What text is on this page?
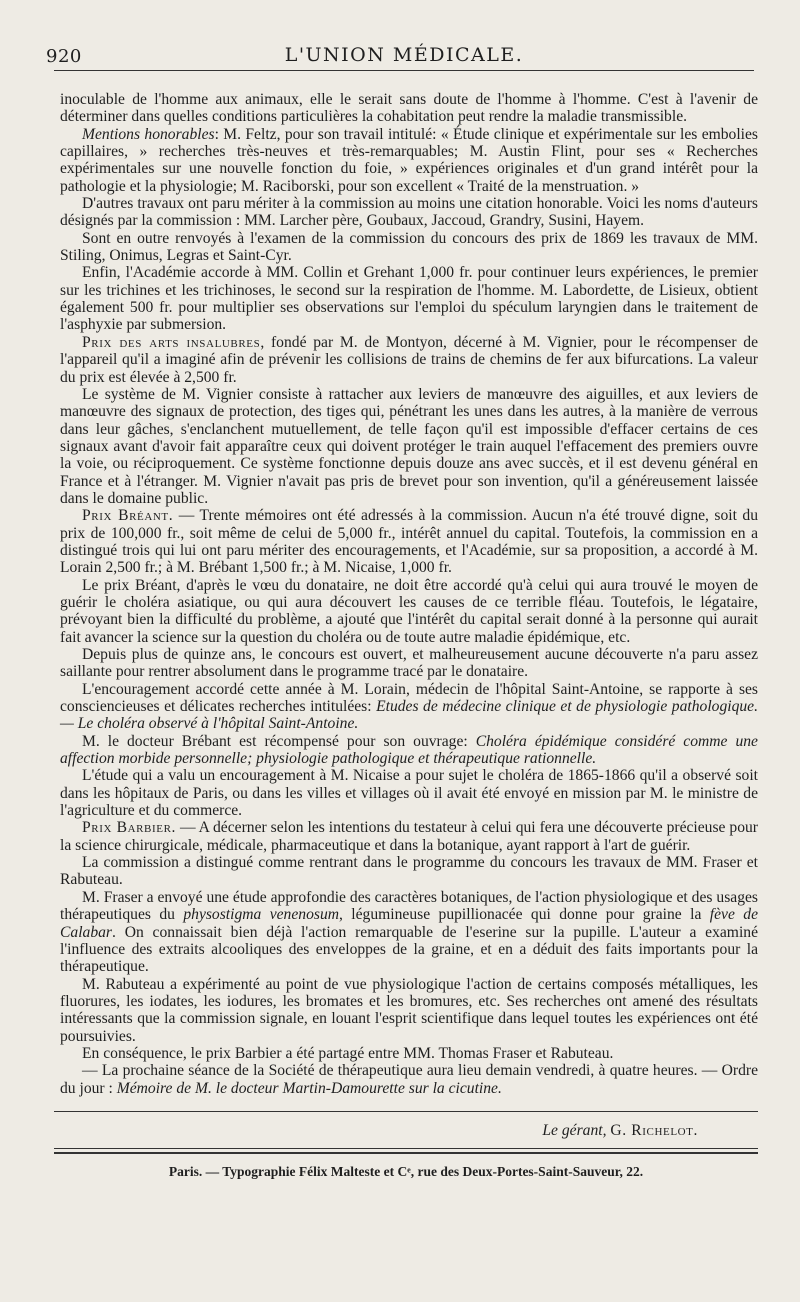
920	L'UNION MÉDICALE.

inoculable de l'homme aux animaux, elle le serait sans doute de l'homme à l'homme. C'est à l'avenir de déterminer dans quelles conditions particulières la cohabitation peut rendre la maladie transmissible.

Mentions honorables: M. Feltz, pour son travail intitulé: « Étude clinique et expérimentale sur les embolies capillaires, » recherches très-neuves et très-remarquables; M. Austin Flint, pour ses « Recherches expérimentales sur une nouvelle fonction du foie, » expériences originales et d'un grand intérêt pour la pathologie et la physiologie; M. Raciborski, pour son excellent « Traité de la menstruation. »

D'autres travaux ont paru mériter à la commission au moins une citation honorable. Voici les noms d'auteurs désignés par la commission : MM. Larcher père, Goubaux, Jaccoud, Grandry, Susini, Hayem.

Sont en outre renvoyés à l'examen de la commission du concours des prix de 1869 les travaux de MM. Stiling, Onimus, Legras et Saint-Cyr.

Enfin, l'Académie accorde à MM. Collin et Grehant 1,000 fr. pour continuer leurs expériences, le premier sur les trichines et les trichinoses, le second sur la respiration de l'homme. M. Labordette, de Lisieux, obtient également 500 fr. pour multiplier ses observations sur l'emploi du spéculum laryngien dans le traitement de l'asphyxie par submersion.

Prix des arts insalubres, fondé par M. de Montyon, décerné à M. Vignier, pour le récompenser de l'appareil qu'il a imaginé afin de prévenir les collisions de trains de chemins de fer aux bifurcations. La valeur du prix est élevée à 2,500 fr.

Le système de M. Vignier consiste à rattacher aux leviers de manœuvre des aiguilles, et aux leviers de manœuvre des signaux de protection, des tiges qui, pénétrant les unes dans les autres, à la manière de verrous dans leur gâches, s'enclanchent mutuellement, de telle façon qu'il est impossible d'effacer certains de ces signaux avant d'avoir fait apparaître ceux qui doivent protéger le train auquel l'effacement des premiers ouvre la voie, ou réciproquement. Ce système fonctionne depuis douze ans avec succès, et il est devenu général en France et à l'étranger. M. Vignier n'avait pas pris de brevet pour son invention, qu'il a généreusement laissée dans le domaine public.

Prix Bréant. — Trente mémoires ont été adressés à la commission. Aucun n'a été trouvé digne, soit du prix de 100,000 fr., soit même de celui de 5,000 fr., intérêt annuel du capital. Toutefois, la commission en a distingué trois qui lui ont paru mériter des encouragements, et l'Académie, sur sa proposition, a accordé à M. Lorain 2,500 fr.; à M. Brébant 1,500 fr.; à M. Nicaise, 1,000 fr.

Le prix Bréant, d'après le vœu du donataire, ne doit être accordé qu'à celui qui aura trouvé le moyen de guérir le choléra asiatique, ou qui aura découvert les causes de ce terrible fléau. Toutefois, le légataire, prévoyant bien la difficulté du problème, a ajouté que l'intérêt du capital serait donné à la personne qui aurait fait avancer la science sur la question du choléra ou de toute autre maladie épidémique, etc.

Depuis plus de quinze ans, le concours est ouvert, et malheureusement aucune découverte n'a paru assez saillante pour rentrer absolument dans le programme tracé par le donataire.

L'encouragement accordé cette année à M. Lorain, médecin de l'hôpital Saint-Antoine, se rapporte à ses consciencieuses et délicates recherches intitulées: Etudes de médecine clinique et de physiologie pathologique. — Le choléra observé à l'hôpital Saint-Antoine.

M. le docteur Brébant est récompensé pour son ouvrage: Choléra épidémique considéré comme une affection morbide personnelle; physiologie pathologique et thérapeutique rationnelle.

L'étude qui a valu un encouragement à M. Nicaise a pour sujet le choléra de 1865-1866 qu'il a observé soit dans les hôpitaux de Paris, ou dans les villes et villages où il avait été envoyé en mission par M. le ministre de l'agriculture et du commerce.

Prix Barbier. — A décerner selon les intentions du testateur à celui qui fera une découverte précieuse pour la science chirurgicale, médicale, pharmaceutique et dans la botanique, ayant rapport à l'art de guérir.

La commission a distingué comme rentrant dans le programme du concours les travaux de MM. Fraser et Rabuteau.

M. Fraser a envoyé une étude approfondie des caractères botaniques, de l'action physiologique et des usages thérapeutiques du physostigma venenosum, légumineuse pupillionacée qui donne pour graine la fève de Calabar. On connaissait bien déjà l'action remarquable de l'eserine sur la pupille. L'auteur a examiné l'influence des extraits alcooliques des enveloppes de la graine, et en a déduit des faits importants pour la thérapeutique.

M. Rabuteau a expérimenté au point de vue physiologique l'action de certains composés métalliques, les fluorures, les iodates, les iodures, les bromates et les bromures, etc. Ses recherches ont amené des résultats intéressants que la commission signale, en louant l'esprit scientifique dans lequel toutes les expériences ont été poursuivies.

En conséquence, le prix Barbier a été partagé entre MM. Thomas Fraser et Rabuteau.

— La prochaine séance de la Société de thérapeutique aura lieu demain vendredi, à quatre heures. — Ordre du jour : Mémoire de M. le docteur Martin-Damourette sur la cicutine.

Le gérant, G. Richelot.
Paris. — Typographie Félix Malteste et Cᵉ, rue des Deux-Portes-Saint-Sauveur, 22.
